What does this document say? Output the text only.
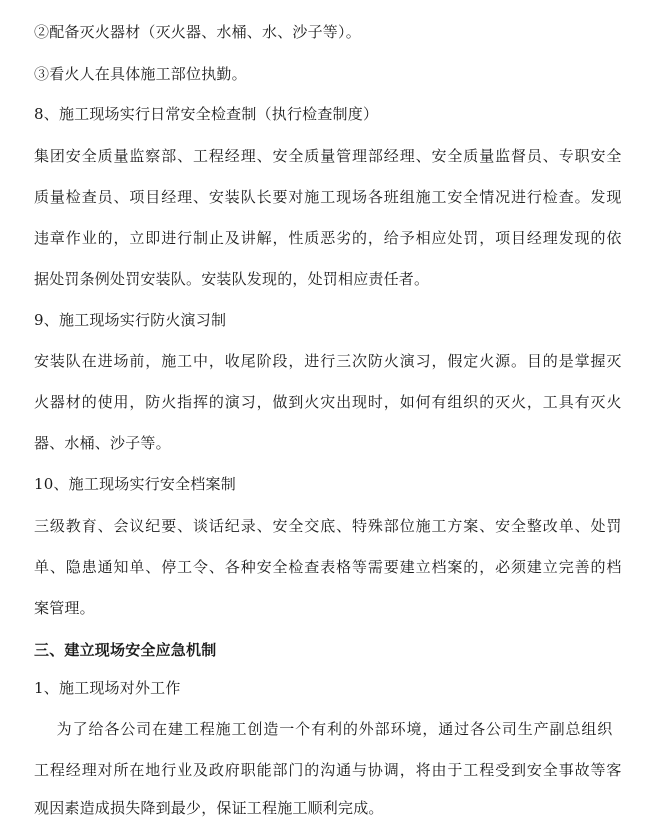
②配备灭火器材（灭火器、水桶、水、沙子等）。
③看火人在具体施工部位执勤。
8、施工现场实行日常安全检查制（执行检查制度）
集团安全质量监察部、工程经理、安全质量管理部经理、安全质量监督员、专职安全
质量检查员、项目经理、安装队长要对施工现场各班组施工安全情况进行检查。发现
违章作业的，立即进行制止及讲解，性质恶劣的，给予相应处罚，项目经理发现的依
据处罚条例处罚安装队。安装队发现的，处罚相应责任者。
9、施工现场实行防火演习制
安装队在进场前，施工中，收尾阶段，进行三次防火演习，假定火源。目的是掌握灭
火器材的使用，防火指挥的演习，做到火灾出现时，如何有组织的灭火，工具有灭火
器、水桶、沙子等。
10、施工现场实行安全档案制
三级教育、会议纪要、谈话纪录、安全交底、特殊部位施工方案、安全整改单、处罚
单、隐患通知单、停工令、各种安全检查表格等需要建立档案的，必须建立完善的档
案管理。
三、建立现场安全应急机制
1、施工现场对外工作
为了给各公司在建工程施工创造一个有利的外部环境，通过各公司生产副总组织
工程经理对所在地行业及政府职能部门的沟通与协调，将由于工程受到安全事故等客
观因素造成损失降到最少，保证工程施工顺利完成。
